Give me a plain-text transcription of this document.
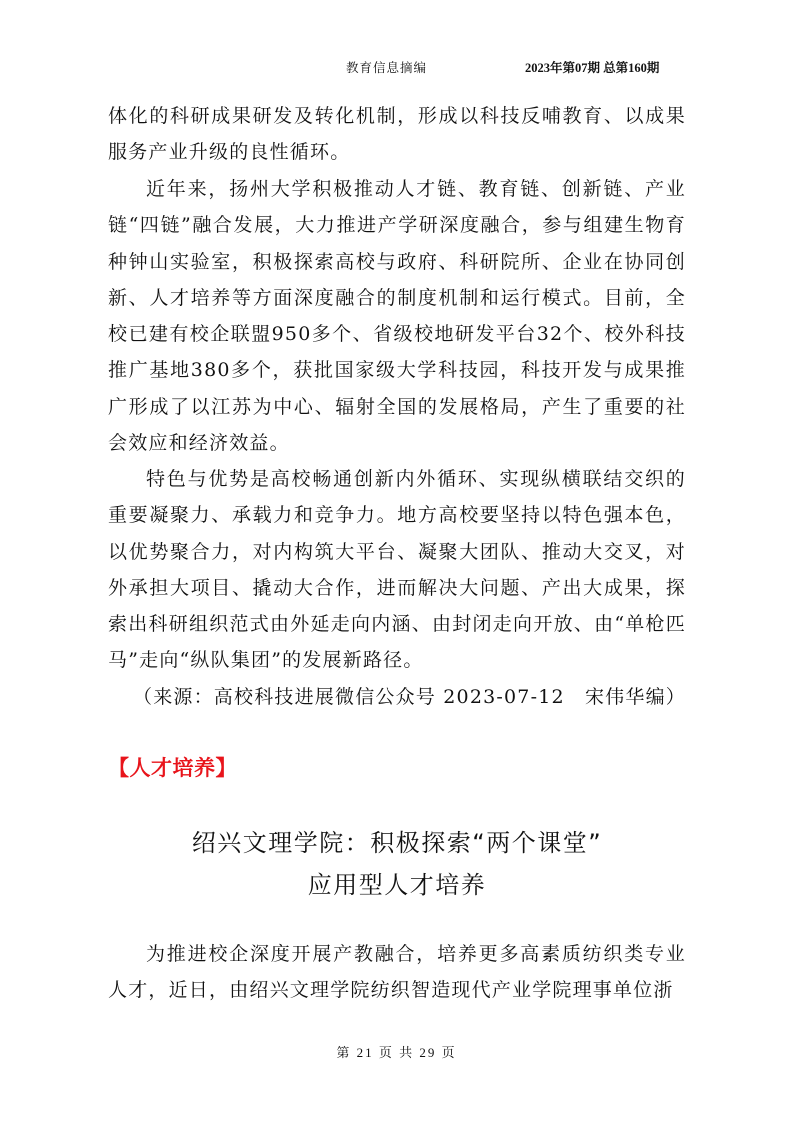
教育信息摘编	2023年第07期 总第160期

体化的科研成果研发及转化机制，形成以科技反哺教育、以成果服务产业升级的良性循环。

近年来，扬州大学积极推动人才链、教育链、创新链、产业链“四链”融合发展，大力推进产学研深度融合，参与组建生物育种钟山实验室，积极探索高校与政府、科研院所、企业在协同创新、人才培养等方面深度融合的制度机制和运行模式。目前，全校已建有校企联盟950多个、省级校地研发平台32个、校外科技推广基地380多个，获批国家级大学科技园，科技开发与成果推广形成了以江苏为中心、辐射全国的发展格局，产生了重要的社会效应和经济效益。

特色与优势是高校畅通创新内外循环、实现纵横联结交织的重要凝聚力、承载力和竞争力。地方高校要坚持以特色强本色，以优势聚合力，对内构筑大平台、凝聚大团队、推动大交叉，对外承担大项目、撬动大合作，进而解决大问题、产出大成果，探索出科研组织范式由外延走向内涵、由封闭走向开放、由“单枪匹马”走向“纵队集团”的发展新路径。

（来源：高校科技进展微信公众号 2023-07-12　宋伟华编）
【人才培养】
绍兴文理学院：积极探索“两个课堂”
应用型人才培养

为推进校企深度开展产教融合，培养更多高素质纺织类专业人才，近日，由绍兴文理学院纺织智造现代产业学院理事单位浙

第 21 页 共 29 页
